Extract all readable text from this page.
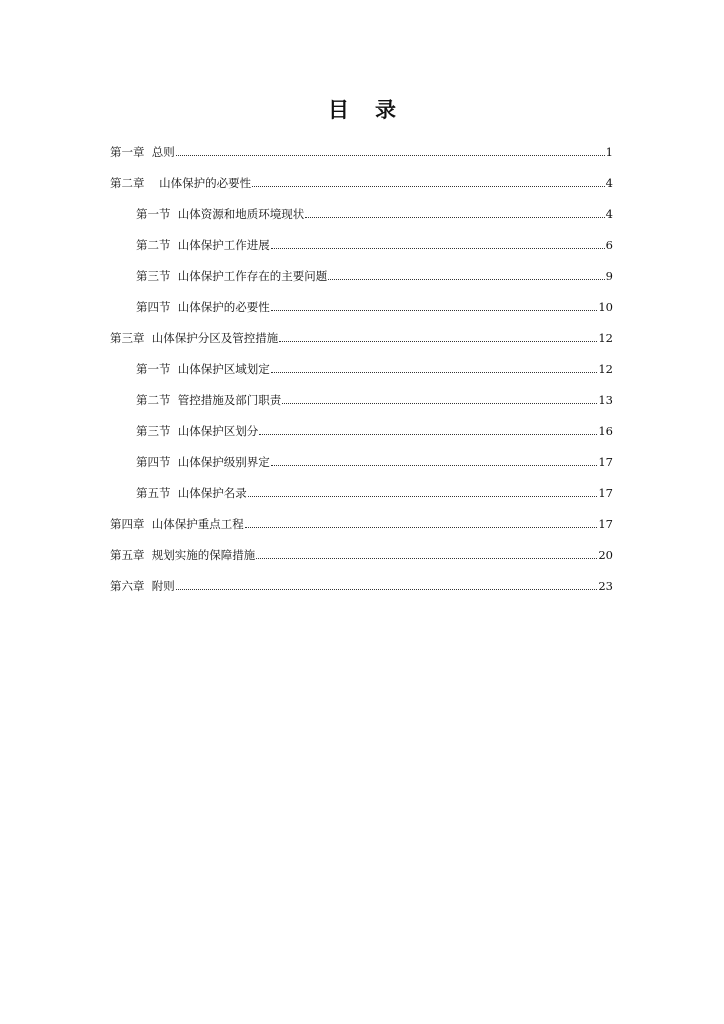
目 录
第一章  总则	1
第二章    山体保护的必要性	4
第一节  山体资源和地质环境现状	4
第二节  山体保护工作进展	6
第三节  山体保护工作存在的主要问题	9
第四节  山体保护的必要性	10
第三章  山体保护分区及管控措施	12
第一节  山体保护区域划定	12
第二节  管控措施及部门职责	13
第三节  山体保护区划分	16
第四节  山体保护级别界定	17
第五节  山体保护名录	17
第四章  山体保护重点工程	17
第五章  规划实施的保障措施	20
第六章  附则	23
